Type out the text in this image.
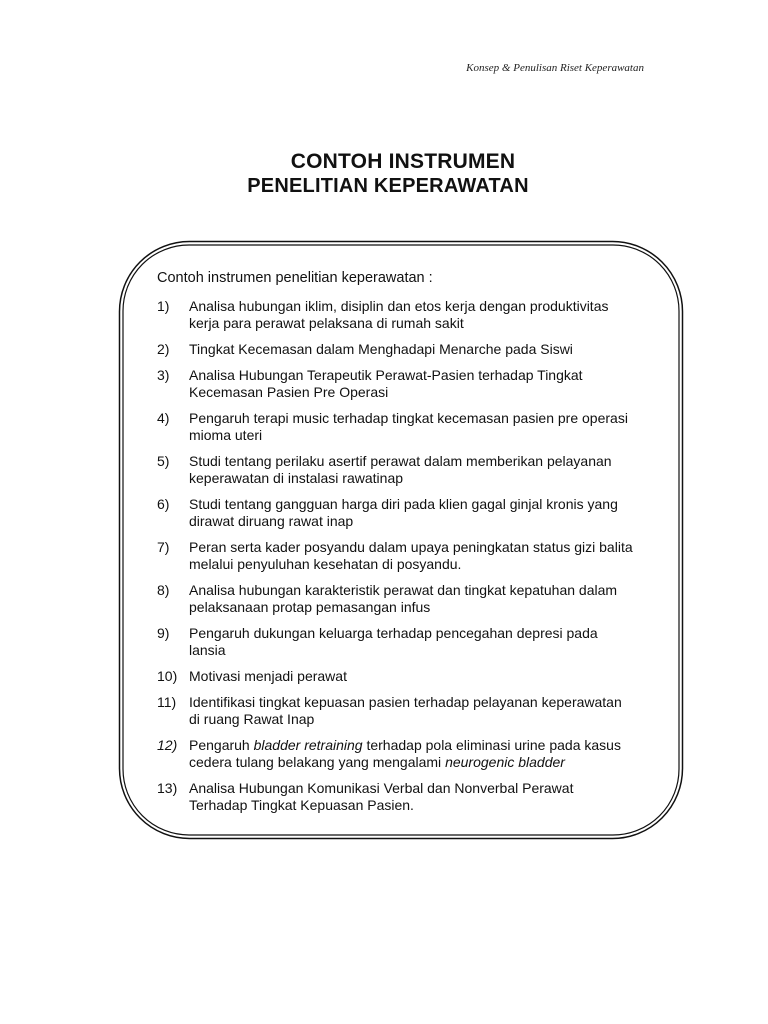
Konsep & Penulisan Riset Keperawatan
CONTOH INSTRUMEN
PENELITIAN KEPERAWATAN
Contoh instrumen penelitian keperawatan :
1)	Analisa hubungan iklim, disiplin dan etos kerja dengan produktivitas kerja para perawat pelaksana di rumah sakit
2)	Tingkat Kecemasan dalam Menghadapi Menarche pada Siswi
3)	Analisa Hubungan Terapeutik Perawat-Pasien terhadap Tingkat Kecemasan Pasien Pre Operasi
4)	Pengaruh terapi music terhadap tingkat kecemasan pasien pre operasi mioma uteri
5)	Studi tentang perilaku asertif perawat dalam memberikan pelayanan keperawatan di instalasi rawatinap
6)	Studi tentang gangguan harga diri pada klien gagal ginjal kronis yang dirawat diruang rawat inap
7)	Peran serta kader posyandu dalam upaya peningkatan status gizi balita melalui penyuluhan kesehatan di posyandu.
8)	Analisa hubungan karakteristik perawat dan tingkat kepatuhan dalam pelaksanaan protap pemasangan infus
9)	Pengaruh dukungan keluarga terhadap pencegahan depresi pada lansia
10) Motivasi menjadi perawat
11) Identifikasi tingkat kepuasan pasien terhadap pelayanan keperawatan di ruang Rawat Inap
12) Pengaruh bladder retraining terhadap pola eliminasi urine pada kasus cedera tulang belakang yang mengalami neurogenic bladder
13) Analisa Hubungan Komunikasi Verbal dan Nonverbal Perawat Terhadap Tingkat Kepuasan Pasien.
